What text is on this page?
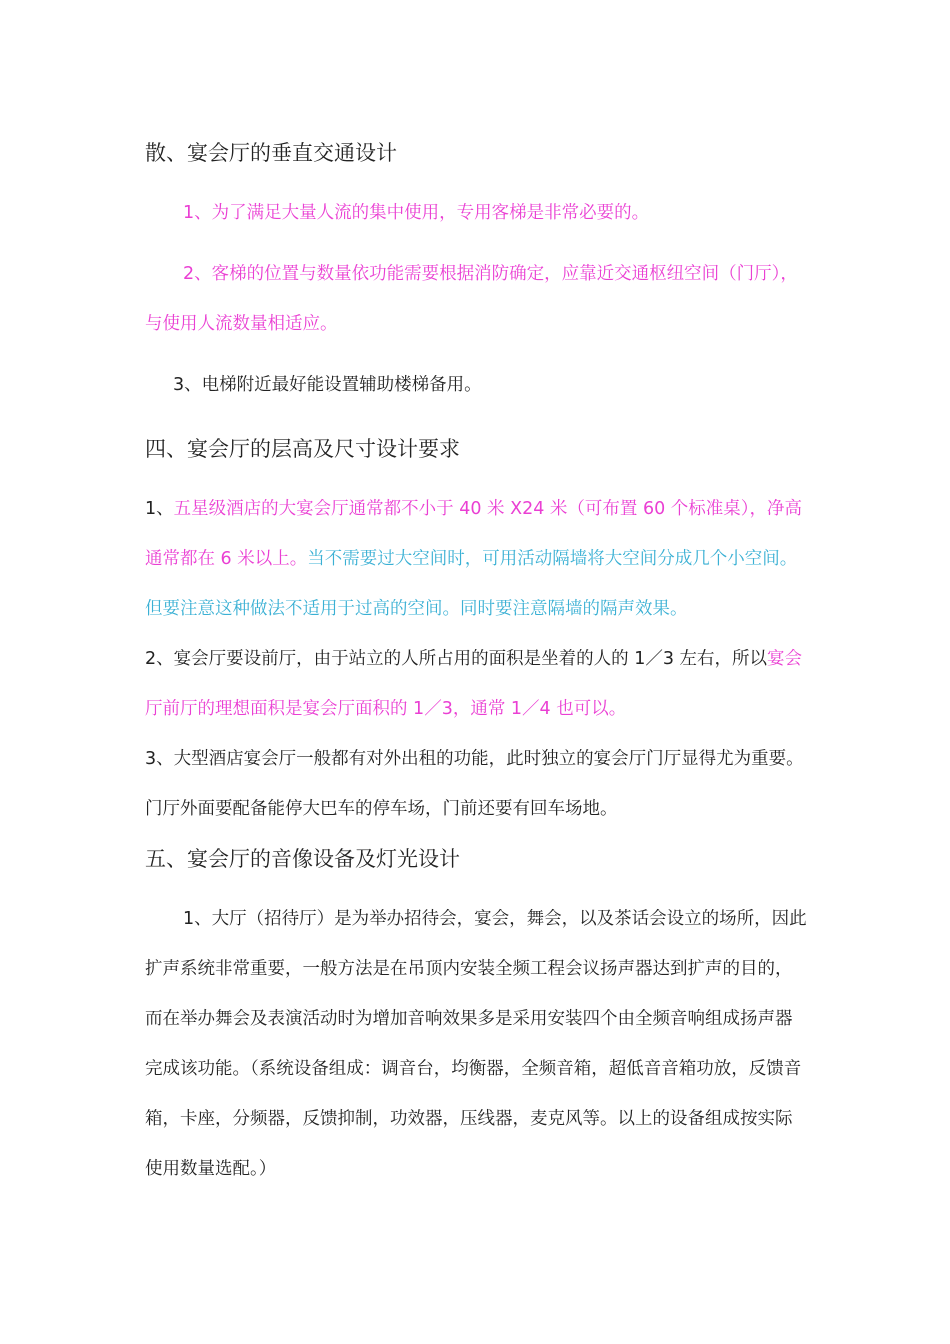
散、宴会厅的垂直交通设计

1、为了满足大量人流的集中使用，专用客梯是非常必要的。

2、客梯的位置与数量依功能需要根据消防确定，应靠近交通枢纽空间（门厅），与使用人流数量相适应。

3、电梯附近最好能设置辅助楼梯备用。

四、宴会厅的层高及尺寸设计要求

1、五星级酒店的大宴会厅通常都不小于 40 米 X24 米（可布置 60 个标准桌），净高通常都在 6 米以上。当不需要过大空间时，可用活动隔墙将大空间分成几个小空间。但要注意这种做法不适用于过高的空间。同时要注意隔墙的隔声效果。

2、宴会厅要设前厅，由于站立的人所占用的面积是坐着的人的 1／3 左右，所以宴会厅前厅的理想面积是宴会厅面积的 1／3，通常 1／4 也可以。

3、大型酒店宴会厅一般都有对外出租的功能，此时独立的宴会厅门厅显得尤为重要。门厅外面要配备能停大巴车的停车场，门前还要有回车场地。

五、宴会厅的音像设备及灯光设计

1、大厅（招待厅）是为举办招待会，宴会，舞会，以及茶话会设立的场所，因此扩声系统非常重要，一般方法是在吊顶内安装全频工程会议扬声器达到扩声的目的，而在举办舞会及表演活动时为增加音响效果多是采用安装四个由全频音响组成扬声器完成该功能。（系统设备组成：调音台，均衡器，全频音箱，超低音音箱功放，反馈音箱，卡座，分频器，反馈抑制，功效器，压线器，麦克风等。以上的设备组成按实际使用数量选配。）
